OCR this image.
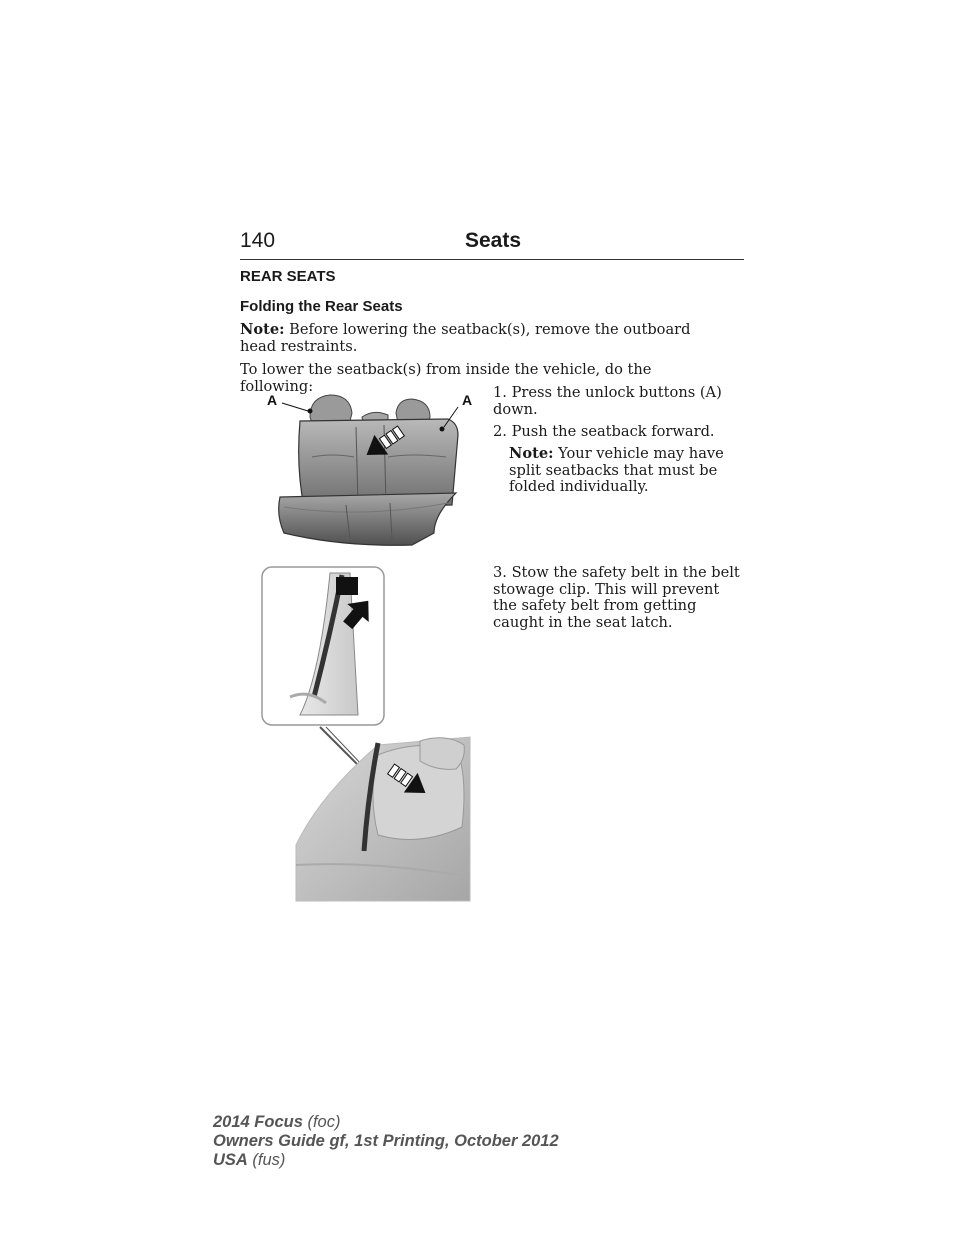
140	Seats
REAR SEATS
Folding the Rear Seats
Note: Before lowering the seatback(s), remove the outboard head restraints.
To lower the seatback(s) from inside the vehicle, do the following:
A	A 1. Press the unlock buttons (A) down.
2. Push the seatback forward.
Note: Your vehicle may have split seatbacks that must be folded individually.
3. Stow the safety belt in the belt stowage clip. This will prevent the safety belt from getting caught in the seat latch.
2014 Focus (foc)
Owners Guide gf, 1st Printing, October 2012
USA (fus)
